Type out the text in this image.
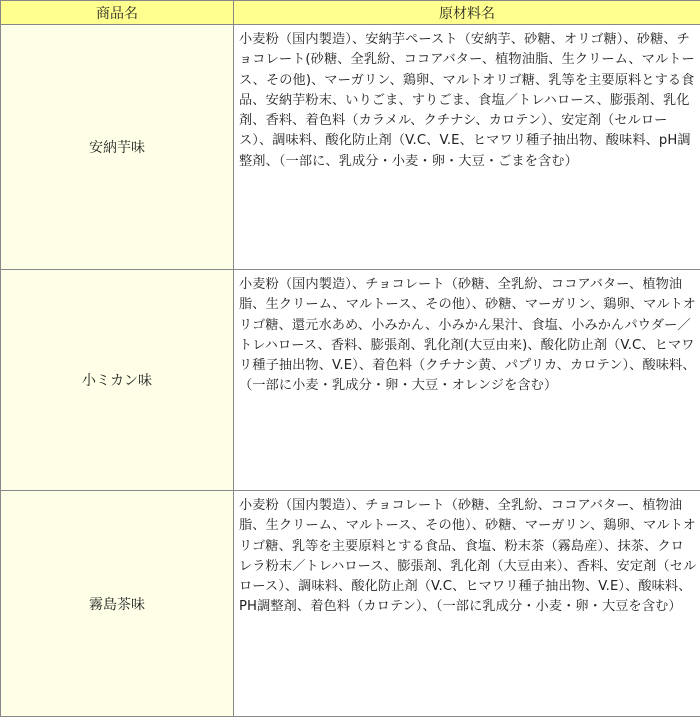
商品名	原材料名
安納芋味	小麦粉（国内製造）、安納芋ペースト（安納芋、砂糖、オリゴ糖）、砂糖、チョコレート(砂糖、全乳紛、ココアバター、植物油脂、生クリーム、マルトース、その他)、マーガリン、鶏卵、マルトオリゴ糖、乳等を主要原料とする食品、安納芋粉末、いりごま、すりごま、食塩／トレハロース、膨張剤、乳化剤、香料、着色料（カラメル、クチナシ、カロテン）、安定剤（セルロース）、調味料、酸化防止剤（V.C、V.E、ヒマワリ種子抽出物、酸味料、pH調整剤、（一部に、乳成分・小麦・卵・大豆・ごまを含む）
小ミカン味	小麦粉（国内製造）、チョコレート（砂糖、全乳紛、ココアバター、植物油脂、生クリーム、マルトース、その他）、砂糖、マーガリン、鶏卵、マルトオリゴ糖、還元水あめ、小みかん、小みかん果汁、食塩、小みかんパウダー／トレハロース、香料、膨張剤、乳化剤(大豆由来)、酸化防止剤（V.C、ヒマワリ種子抽出物、V.E）、着色料（クチナシ黄、パプリカ、カロテン）、酸味料、（一部に小麦・乳成分・卵・大豆・オレンジを含む）
霧島茶味	小麦粉（国内製造）、チョコレート（砂糖、全乳紛、ココアバター、植物油脂、生クリーム、マルトース、その他）、砂糖、マーガリン、鶏卵、マルトオリゴ糖、乳等を主要原料とする食品、食塩、粉末茶（霧島産）、抹茶、クロレラ粉末／トレハロース、膨張剤、乳化剤（大豆由来）、香料、安定剤（セルロース）、調味料、酸化防止剤（V.C、ヒマワリ種子抽出物、V.E）、酸味料、PH調整剤、着色料（カロテン）、（一部に乳成分・小麦・卵・大豆を含む）
